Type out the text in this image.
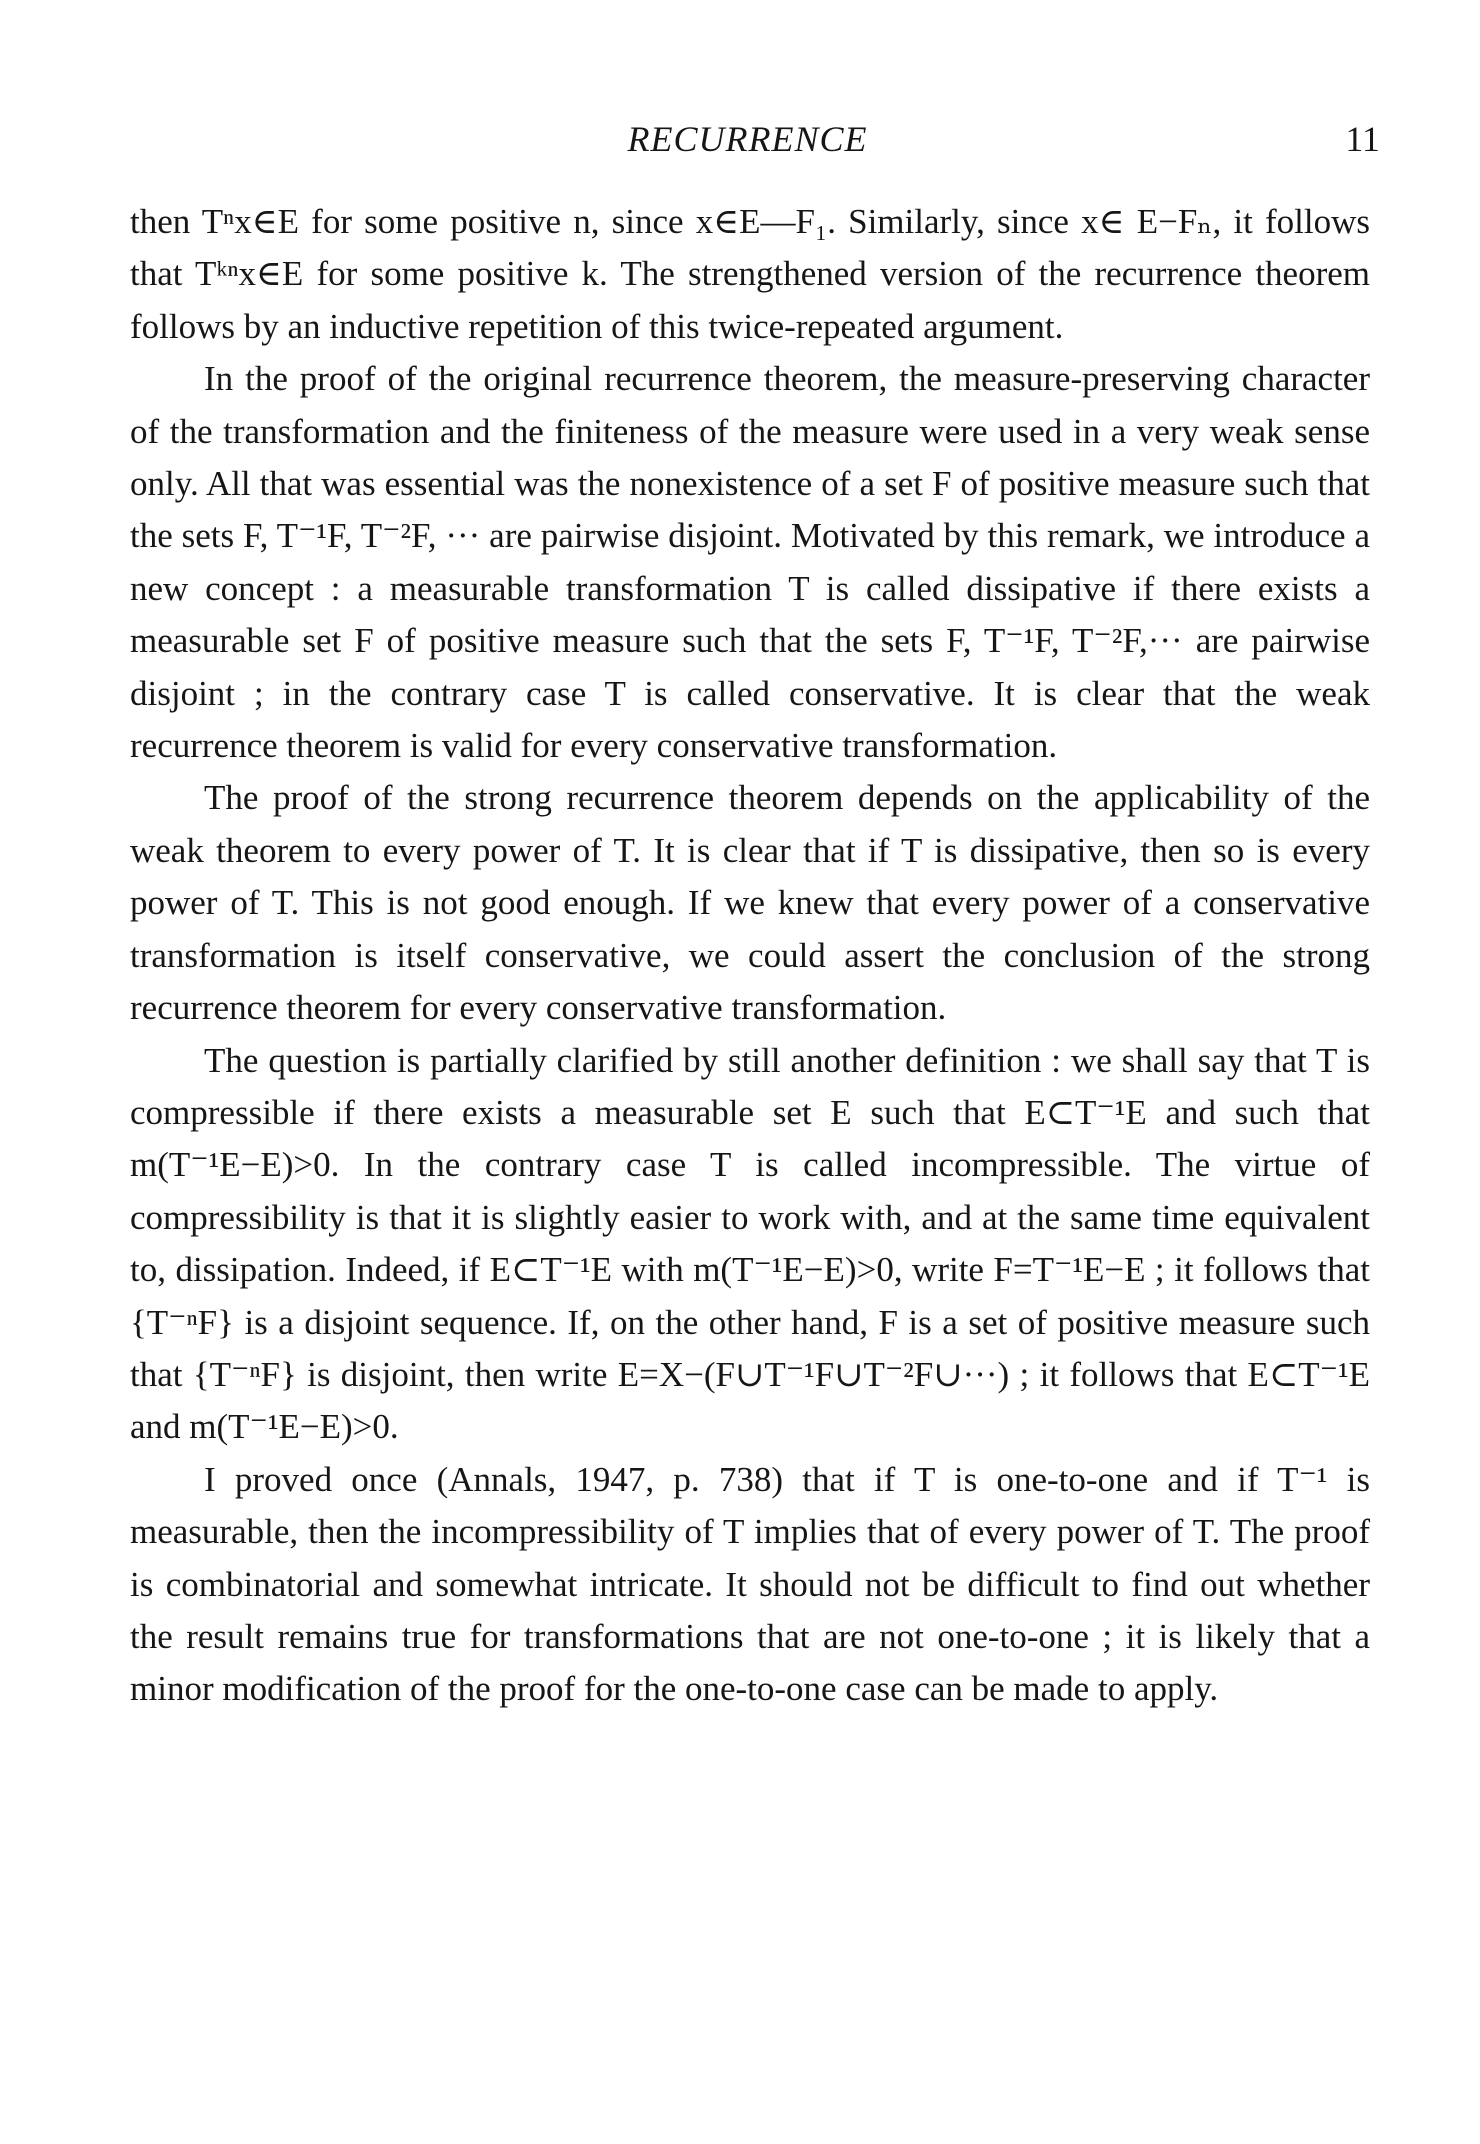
RECURRENCE	11

then Tⁿx∈E for some positive n, since x∈E—F₁. Similarly, since x∈ E−Fₙ, it follows that Tᵏⁿx∈E for some positive k. The strengthened version of the recurrence theorem follows by an inductive repetition of this twice-repeated argument.

In the proof of the original recurrence theorem, the measure-preserving character of the transformation and the finiteness of the measure were used in a very weak sense only. All that was essential was the nonexistence of a set F of positive measure such that the sets F, T⁻¹F, T⁻²F, ··· are pairwise disjoint. Motivated by this remark, we introduce a new concept : a measurable transformation T is called dissipative if there exists a measurable set F of positive measure such that the sets F, T⁻¹F, T⁻²F,··· are pairwise disjoint ; in the contrary case T is called conservative. It is clear that the weak recurrence theorem is valid for every conservative transformation.

The proof of the strong recurrence theorem depends on the applicability of the weak theorem to every power of T. It is clear that if T is dissipative, then so is every power of T. This is not good enough. If we knew that every power of a conservative transformation is itself conservative, we could assert the conclusion of the strong recurrence theorem for every conservative transformation.

The question is partially clarified by still another definition : we shall say that T is compressible if there exists a measurable set E such that E⊂T⁻¹E and such that m(T⁻¹E−E)>0. In the contrary case T is called incompressible. The virtue of compressibility is that it is slightly easier to work with, and at the same time equivalent to, dissipation. Indeed, if E⊂T⁻¹E with m(T⁻¹E−E)>0, write F=T⁻¹E−E ; it follows that {T⁻ⁿF} is a disjoint sequence. If, on the other hand, F is a set of positive measure such that {T⁻ⁿF} is disjoint, then write E=X−(F∪T⁻¹F∪T⁻²F∪···) ; it follows that E⊂T⁻¹E and m(T⁻¹E−E)>0.

I proved once (Annals, 1947, p. 738) that if T is one-to-one and if T⁻¹ is measurable, then the incompressibility of T implies that of every power of T. The proof is combinatorial and somewhat intricate. It should not be difficult to find out whether the result remains true for transformations that are not one-to-one ; it is likely that a minor modification of the proof for the one-to-one case can be made to apply.
